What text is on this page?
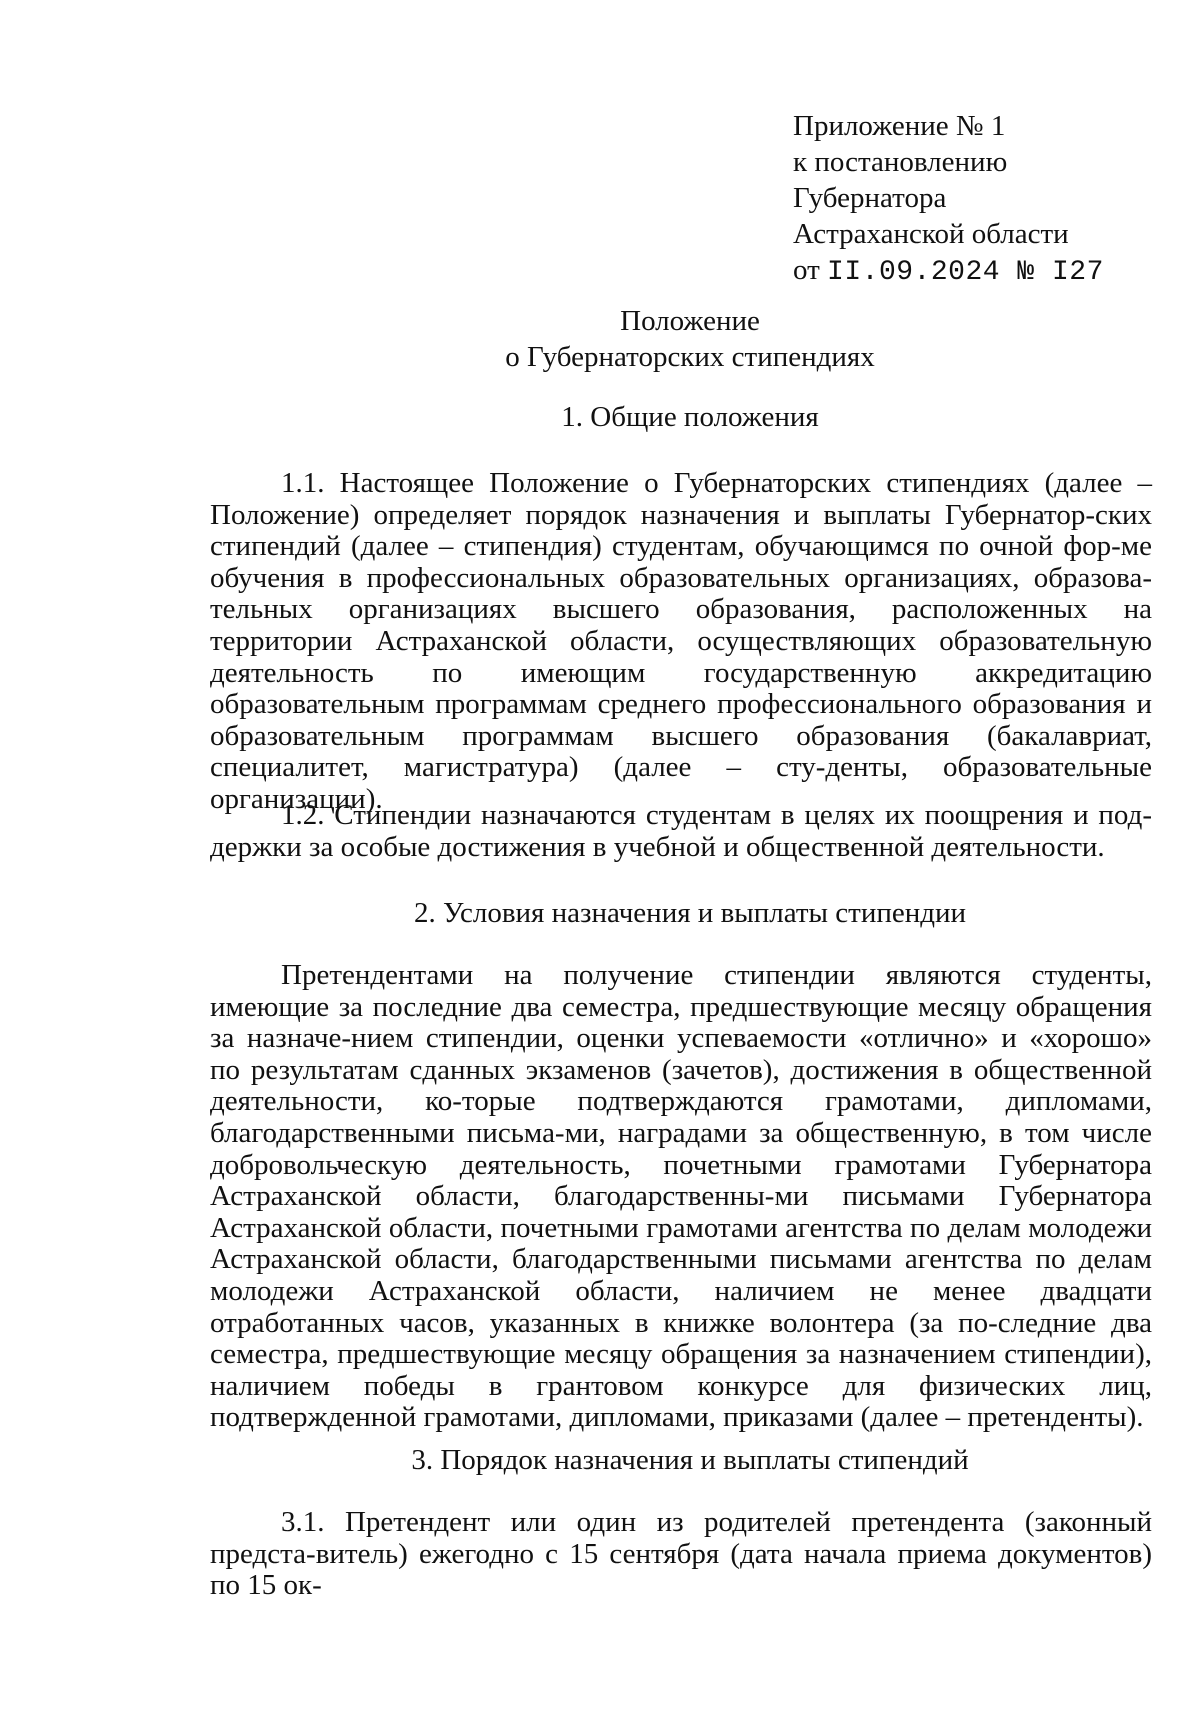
Приложение № 1
к постановлению
Губернатора
Астраханской области
от II.09.2024 № I27
Положение
о Губернаторских стипендиях
1. Общие положения

1.1. Настоящее Положение о Губернаторских стипендиях (далее – Положение) определяет порядок назначения и выплаты Губернатор-ских стипендий (далее – стипендия) студентам, обучающимся по очной фор-ме обучения в профессиональных образовательных организациях, образова-тельных организациях высшего образования, расположенных на территории Астраханской области, осуществляющих образовательную деятельность по имеющим государственную аккредитацию образовательным программам среднего профессионального образования и образовательным программам высшего образования (бакалавриат, специалитет, магистратура) (далее – сту-денты, образовательные организации).

1.2. Стипендии назначаются студентам в целях их поощрения и под-держки за особые достижения в учебной и общественной деятельности.

2. Условия назначения и выплаты стипендии

Претендентами на получение стипендии являются студенты, имеющие за последние два семестра, предшествующие месяцу обращения за назначе-нием стипендии, оценки успеваемости «отлично» и «хорошо» по результатам сданных экзаменов (зачетов), достижения в общественной деятельности, ко-торые подтверждаются грамотами, дипломами, благодарственными письма-ми, наградами за общественную, в том числе добровольческую деятельность, почетными грамотами Губернатора Астраханской области, благодарственны-ми письмами Губернатора Астраханской области, почетными грамотами агентства по делам молодежи Астраханской области, благодарственными письмами агентства по делам молодежи Астраханской области, наличием не менее двадцати отработанных часов, указанных в книжке волонтера (за по-следние два семестра, предшествующие месяцу обращения за назначением стипендии), наличием победы в грантовом конкурсе для физических лиц, подтвержденной грамотами, дипломами, приказами (далее – претенденты).

3. Порядок назначения и выплаты стипендий

3.1. Претендент или один из родителей претендента (законный предста-витель) ежегодно с 15 сентября (дата начала приема документов) по 15 ок-
